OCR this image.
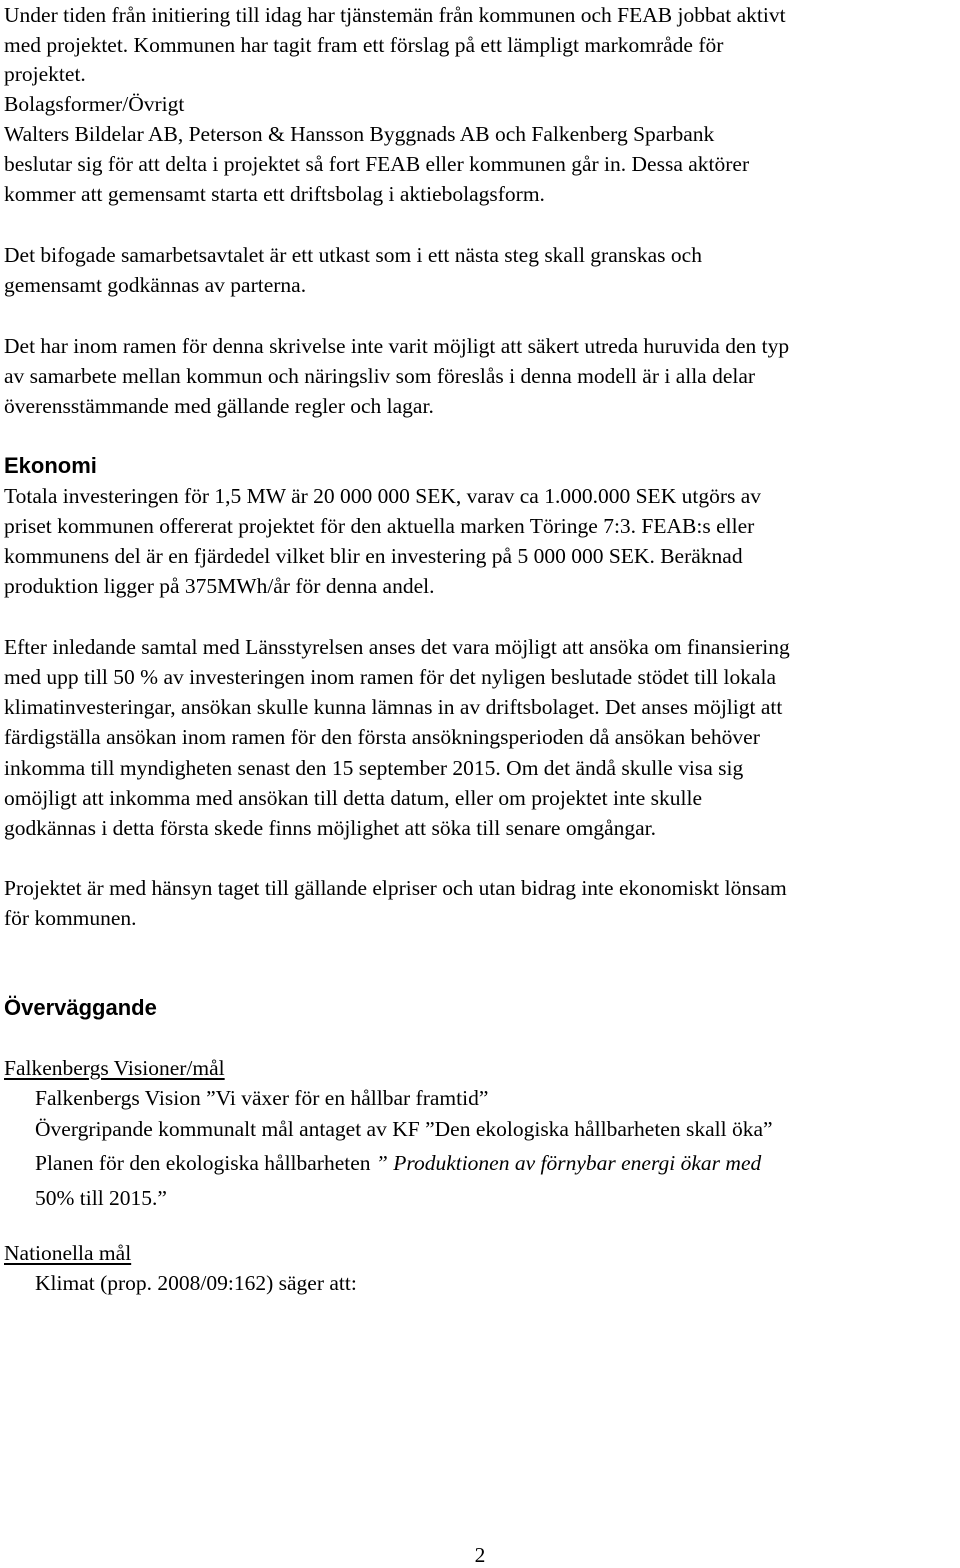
Under tiden från initiering till idag har tjänstemän från kommunen och FEAB jobbat aktivt
med projektet. Kommunen har tagit fram ett förslag på ett lämpligt markområde för
projektet.
Bolagsformer/Övrigt
Walters Bildelar AB, Peterson & Hansson Byggnads AB och Falkenberg Sparbank
beslutar sig för att delta i projektet så fort FEAB eller kommunen går in. Dessa aktörer
kommer att gemensamt starta ett driftsbolag i aktiebolagsform.
Det bifogade samarbetsavtalet är ett utkast som i ett nästa steg skall granskas och
gemensamt godkännas av parterna.
Det har inom ramen för denna skrivelse inte varit möjligt att säkert utreda huruvida den typ
av samarbete mellan kommun och näringsliv som föreslås i denna modell är i alla delar
överensstämmande med gällande regler och lagar.
Ekonomi
Totala investeringen för 1,5 MW är 20 000 000 SEK, varav ca 1.000.000 SEK utgörs av
priset kommunen offererat projektet för den aktuella marken Töringe 7:3. FEAB:s eller
kommunens del är en fjärdedel vilket blir en investering på 5 000 000 SEK. Beräknad
produktion ligger på 375MWh/år för denna andel.
Efter inledande samtal med Länsstyrelsen anses det vara möjligt att ansöka om finansiering
med upp till 50 % av investeringen inom ramen för det nyligen beslutade stödet till lokala
klimatinvesteringar, ansökan skulle kunna lämnas in av driftsbolaget. Det anses möjligt att
färdigställa ansökan inom ramen för den första ansökningsperioden då ansökan behöver
inkomma till myndigheten senast den 15 september 2015. Om det ändå skulle visa sig
omöjligt att inkomma med ansökan till detta datum, eller om projektet inte skulle
godkännas i detta första skede finns möjlighet att söka till senare omgångar.
Projektet är med hänsyn taget till gällande elpriser och utan bidrag inte ekonomiskt lönsam
för kommunen.
Överväggande
Falkenbergs Visioner/mål
Falkenbergs Vision ”Vi växer för en hållbar framtid”
Övergripande kommunalt mål antaget av KF ”Den ekologiska hållbarheten skall öka”
Planen för den ekologiska hållbarheten ” Produktionen av förnybar energi ökar med
50% till 2015.”
Nationella mål
Klimat (prop. 2008/09:162) säger att:
2
